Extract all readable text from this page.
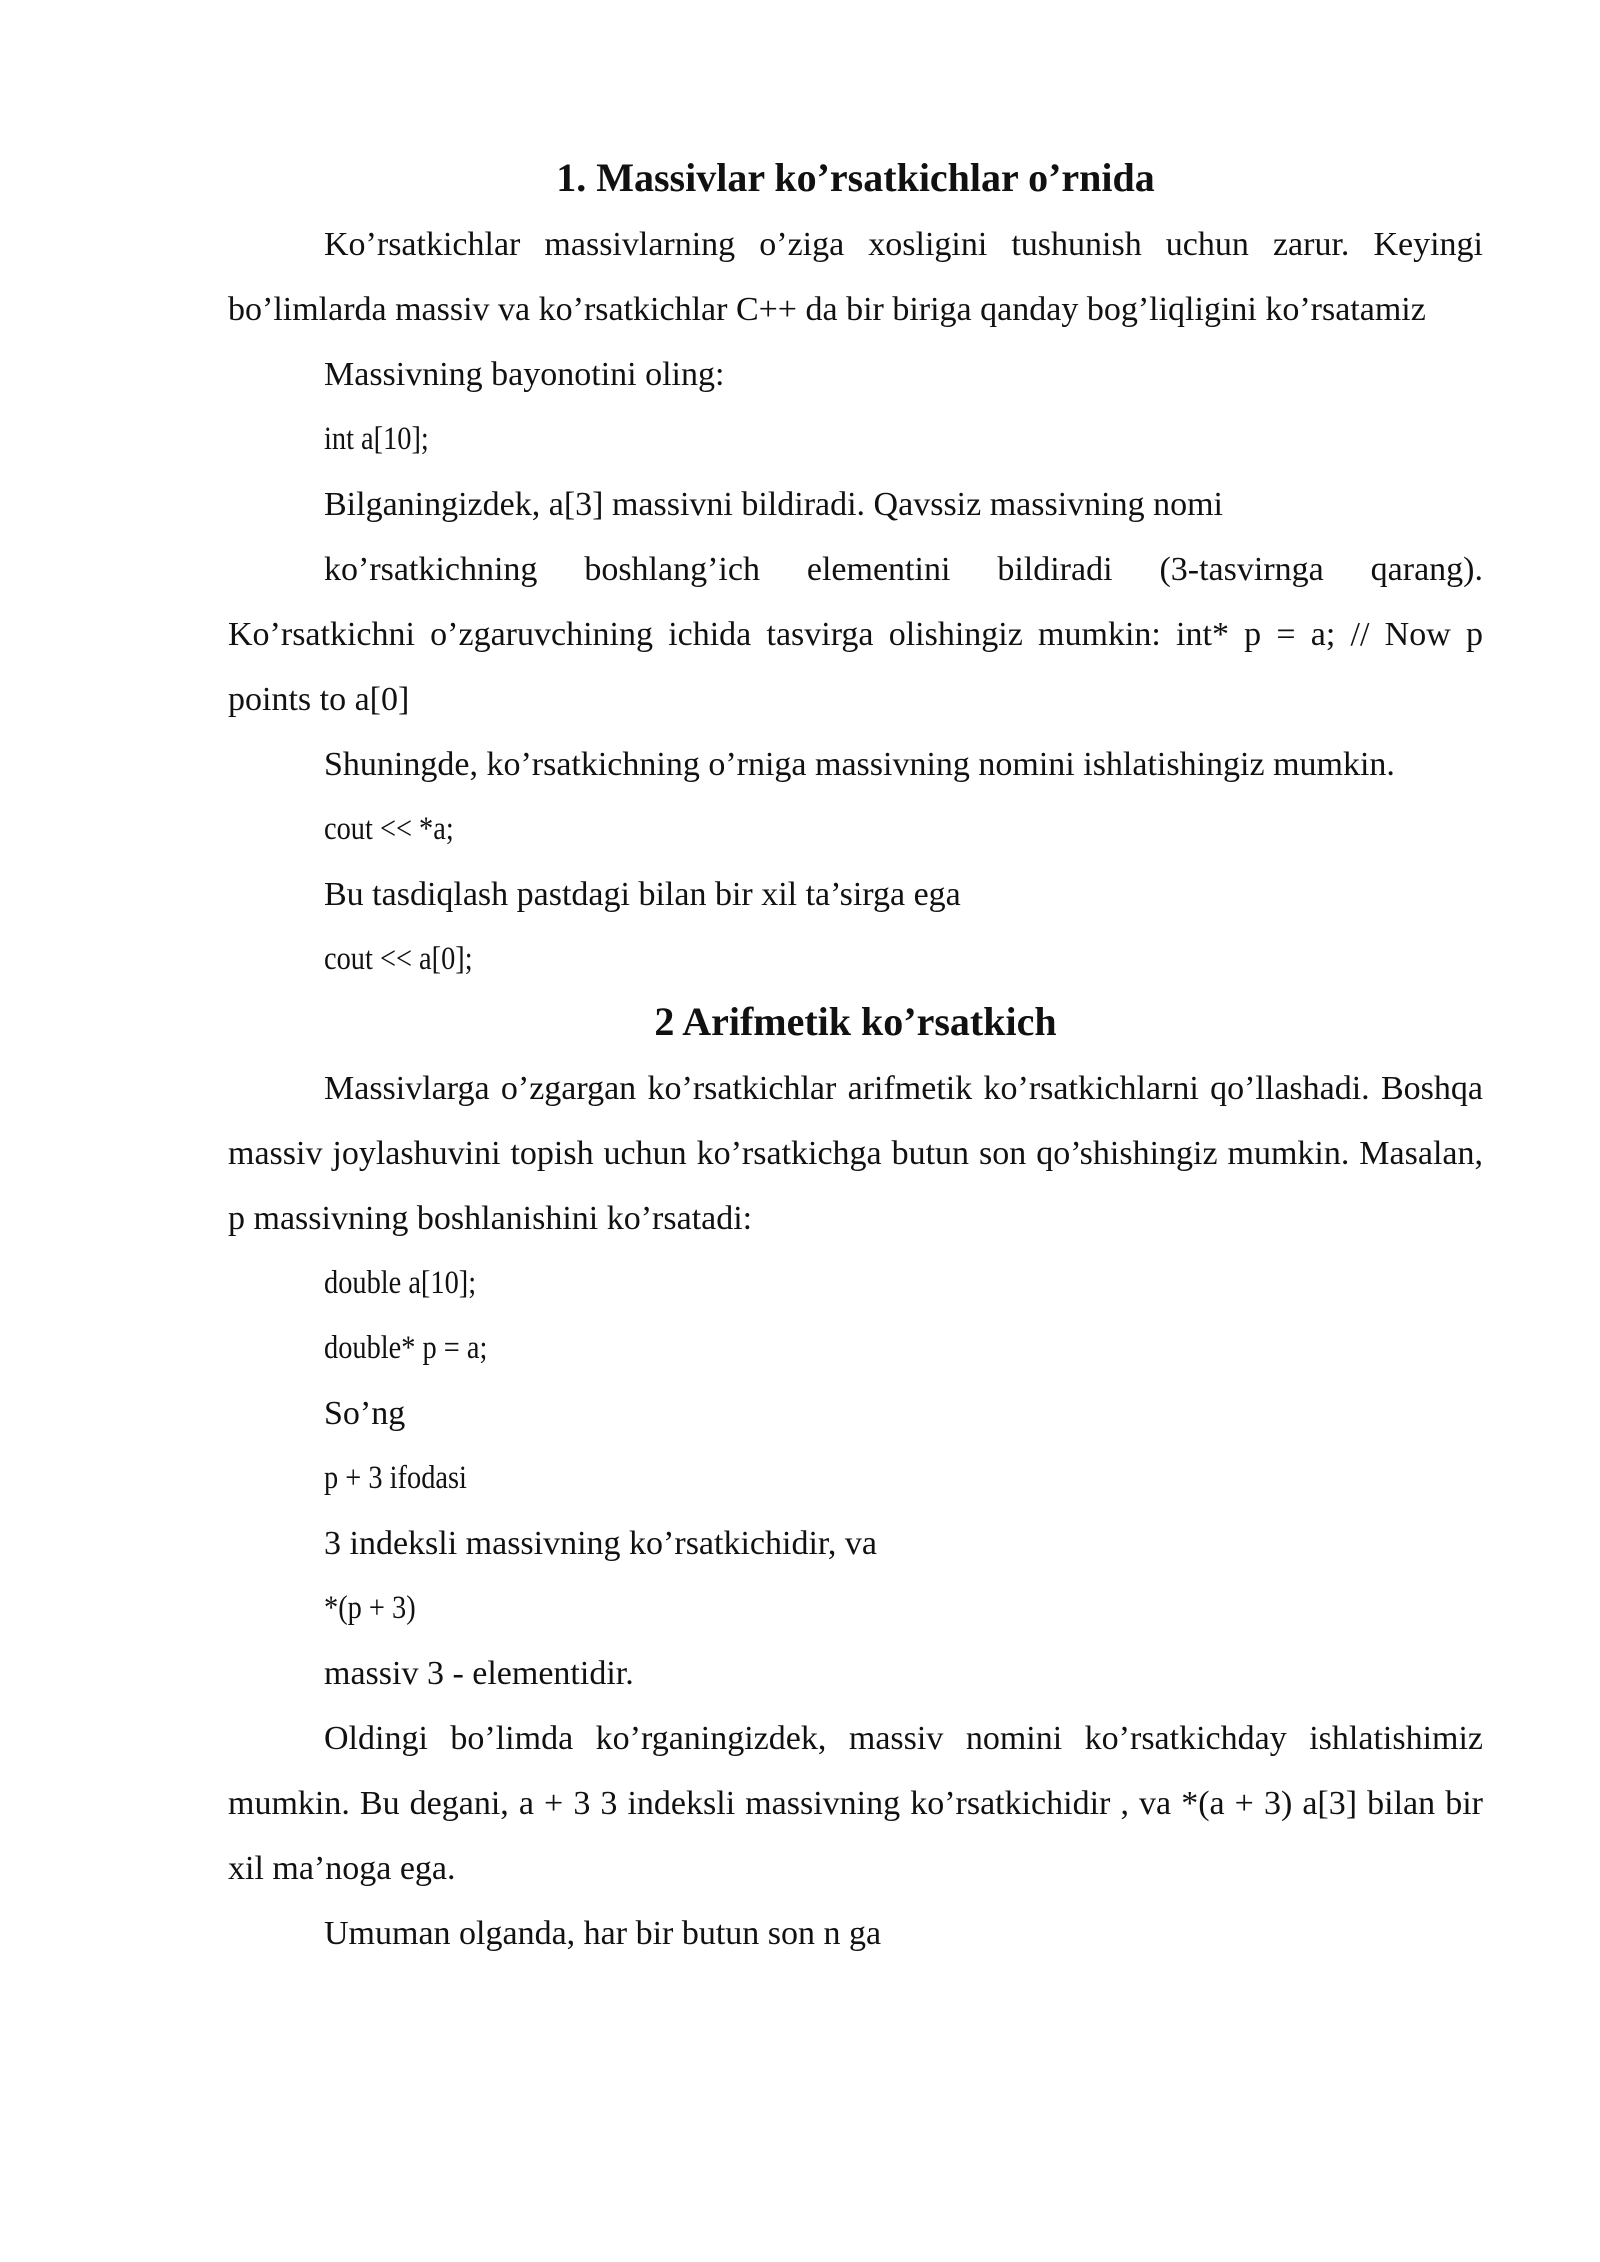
1. Massivlar ko’rsatkichlar o’rnida

Ko’rsatkichlar massivlarning o’ziga xosligini tushunish uchun zarur. Keyingi bo’limlarda massiv va ko’rsatkichlar C++ da bir biriga qanday bog’liqligini ko’rsatamiz

Massivning bayonotini oling:

int a[10];

Bilganingizdek, a[3] massivni bildiradi. Qavssiz massivning nomi

ko’rsatkichning boshlang’ich elementini bildiradi (3-tasvirnga qarang). Ko’rsatkichni o’zgaruvchining ichida tasvirga olishingiz mumkin: int* p = a; // Now p points to a[0]

Shuningde, ko’rsatkichning o’rniga massivning nomini ishlatishingiz mumkin.

cout << *a;

Bu tasdiqlash pastdagi bilan bir xil ta’sirga ega

cout << a[0];

2 Arifmetik ko’rsatkich

Massivlarga o’zgargan ko’rsatkichlar arifmetik ko’rsatkichlarni qo’llashadi. Boshqa massiv joylashuvini topish uchun ko’rsatkichga butun son qo’shishingiz mumkin. Masalan, p massivning boshlanishini ko’rsatadi:

double a[10];

double* p = a;

So’ng

p + 3 ifodasi

3 indeksli massivning ko’rsatkichidir, va

*(p + 3)

massiv 3 - elementidir.

Oldingi bo’limda ko’rganingizdek, massiv nomini ko’rsatkichday ishlatishimiz mumkin. Bu degani, a + 3 3 indeksli massivning ko’rsatkichidir , va *(a + 3) a[3] bilan bir xil ma’noga ega.

Umuman olganda, har bir butun son n ga
